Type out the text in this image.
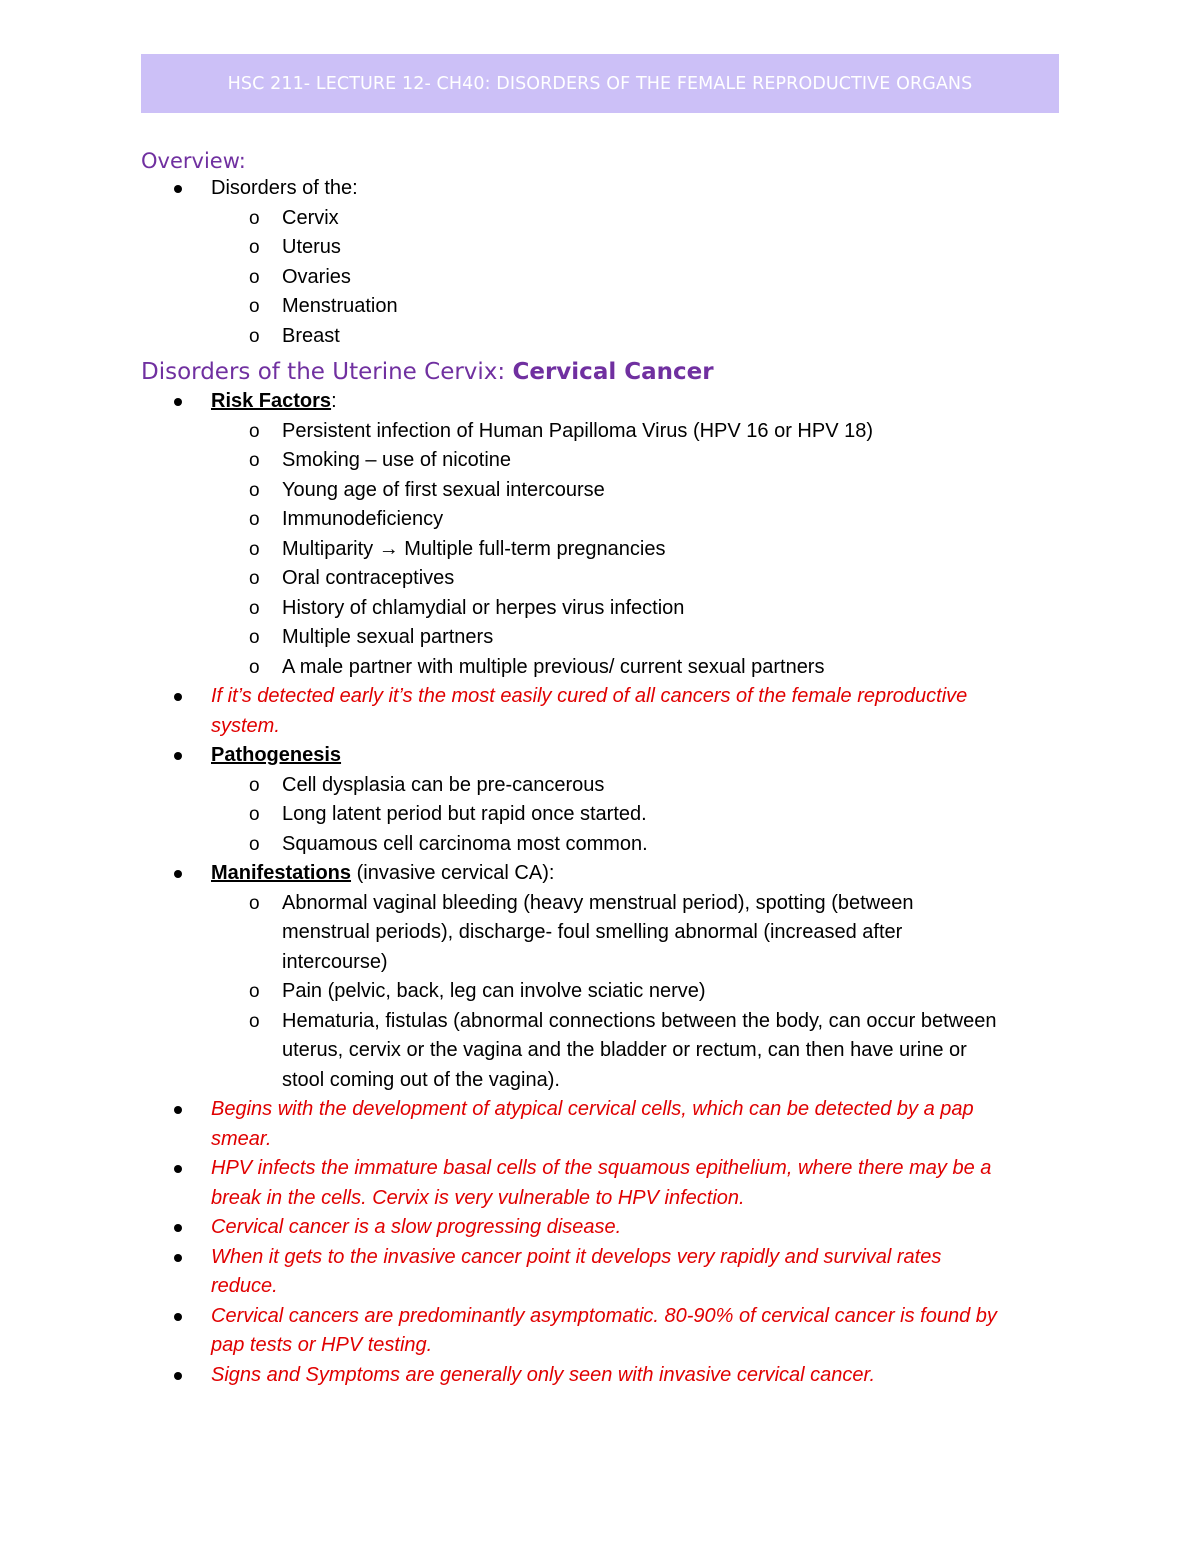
HSC 211- LECTURE 12- CH40: DISORDERS OF THE FEMALE REPRODUCTIVE ORGANS
Overview:
Disorders of the:
o Cervix
o Uterus
o Ovaries
o Menstruation
o Breast
Disorders of the Uterine Cervix: Cervical Cancer
Risk Factors:
o Persistent infection of Human Papilloma Virus (HPV 16 or HPV 18)
o Smoking – use of nicotine
o Young age of first sexual intercourse
o Immunodeficiency
o Multiparity → Multiple full-term pregnancies
o Oral contraceptives
o History of chlamydial or herpes virus infection
o Multiple sexual partners
o A male partner with multiple previous/ current sexual partners
If it’s detected early it’s the most easily cured of all cancers of the female reproductive
system.
Pathogenesis
o Cell dysplasia can be pre-cancerous
o Long latent period but rapid once started.
o Squamous cell carcinoma most common.
Manifestations (invasive cervical CA):
o Abnormal vaginal bleeding (heavy menstrual period), spotting (between
menstrual periods), discharge- foul smelling abnormal (increased after
intercourse)
o Pain (pelvic, back, leg can involve sciatic nerve)
o Hematuria, fistulas (abnormal connections between the body, can occur between
uterus, cervix or the vagina and the bladder or rectum, can then have urine or
stool coming out of the vagina).
Begins with the development of atypical cervical cells, which can be detected by a pap
smear.
HPV infects the immature basal cells of the squamous epithelium, where there may be a
break in the cells. Cervix is very vulnerable to HPV infection.
Cervical cancer is a slow progressing disease.
When it gets to the invasive cancer point it develops very rapidly and survival rates
reduce.
Cervical cancers are predominantly asymptomatic. 80-90% of cervical cancer is found by
pap tests or HPV testing.
Signs and Symptoms are generally only seen with invasive cervical cancer.
